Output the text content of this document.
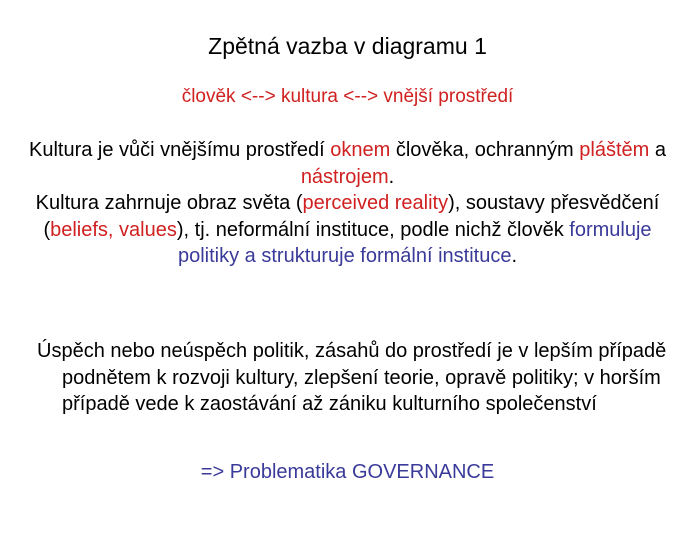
Zpětná vazba v diagramu 1
člověk <--> kultura <--> vnější prostředí
Kultura je vůči vnějšímu prostředí oknem člověka, ochranným pláštěm a nástrojem.
Kultura zahrnuje obraz světa (perceived reality), soustavy přesvědčení (beliefs, values), tj. neformální instituce, podle nichž člověk formuluje politiky a strukturuje formální instituce.
Úspěch nebo neúspěch politik, zásahů do prostředí je v lepším případě podnětem k rozvoji kultury, zlepšení teorie, opravě politiky; v horším případě vede k zaostávání až zániku kulturního společenství
=> Problematika GOVERNANCE
